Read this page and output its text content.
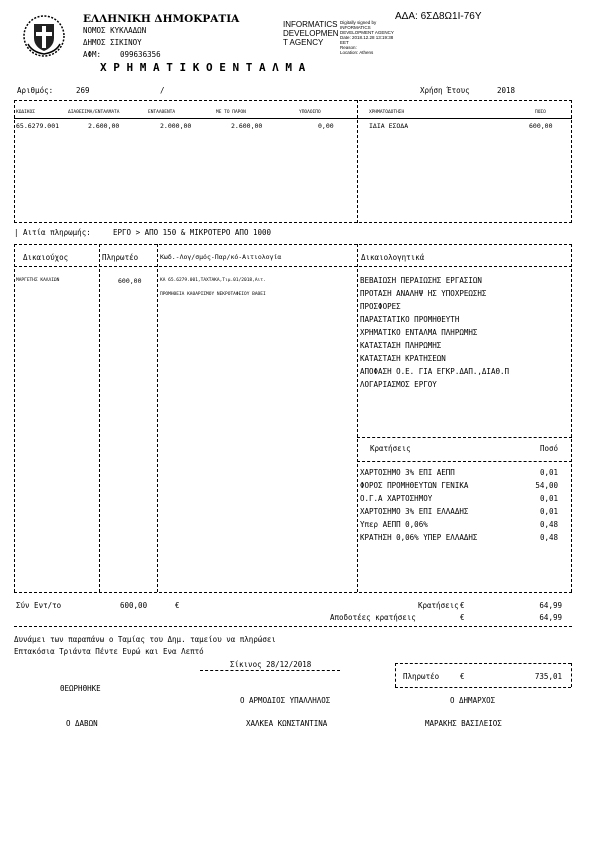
ΕΛΛΗΝΙΚΗ ΔΗΜΟΚΡΑΤΙΑ
ΝΟΜΟΣ ΚΥΚΛΑΔΩΝ
ΔΗΜΟΣ ΣΙΚΙΝΟΥ
ΑΦΜ:	099636356
Χ Ρ Η Μ Α Τ Ι Κ Ο Ε Ν Τ Α Λ Μ Α
INFORMATICS
DEVELOPMEN
T AGENCY
Digitally signed by
INFORMATICS
DEVELOPMENT AGENCY
Date: 2018.12.28 13:19:38
EET
Reason:
Location: Athens
ΑΔΑ: 6ΣΔ8Ω1Ι-76Υ
Αριθμός:	269	/	Χρήση Έτους	2018
ΚΩΔΙΚΟΣ	ΔΙΑΘΕΣΙΜΑ/ΕΝΤΑΛΜΑΤΑ	ΕΝΤΑΛΘΕΝΤΑ	ΜΕ ΤΟ ΠΑΡΟΝ	ΥΠΟΛΟΙΠΟ	ΧΡΗΜΑΤΟΔΟΤΗΣΗ	ΠΟΣΟ
65.6279.001	2.600,00	2.000,00	2.600,00	0,00	ΙΔΙΑ ΕΣΟΔΑ	600,00
| Αιτία πληρωμής:	ΕΡΓΟ > ΑΠΟ 150 & ΜΙΚΡΟΤΕΡΟ ΑΠΟ 1000
Δικαιούχος	Πληρωτέο	Κωδ.-Λογ/σμός-Παρ/κό-Αιτιολογία	Δικαιολογητικά
ΜΑΡΓΕΤΗΣ ΚΑΛΛΙΩΝ	600,00	ΚΑ 65.6279.001,ΤΑΧΤΑΚΑ,Τιμ.01/2018,Αιτ.
ΠΡΟΜΗΘΕΙΑ ΚΑΘΑΡΙΣΜΟΥ ΝΕΚΡΟΤΑΦΕΙΟΥ ΒΑΘΕΙ
ΒΕΒΑΙΩΣΗ ΠΕΡΑΙΩΣΗΣ ΕΡΓΑΣΙΩΝ
ΠΡΟΤΑΣΗ ΑΝΑΛΗΨ ΗΣ ΥΠΟΧΡΕΩΣΗΣ
ΠΡΟΣΦΟΡΕΣ
ΠΑΡΑΣΤΑΤΙΚΟ ΠΡΟΜΗΘΕΥΤΗ
ΧΡΗΜΑΤΙΚΟ ΕΝΤΑΛΜΑ ΠΛΗΡΩΜΗΣ
ΚΑΤΑΣΤΑΣΗ ΠΛΗΡΩΜΗΣ
ΚΑΤΑΣΤΑΣΗ ΚΡΑΤΗΣΕΩΝ
ΑΠΟΦΑΣΗ Ο.Ε. ΓΙΑ ΕΓΚΡ.ΔΑΠ.,ΔΙΑΘ.Π
ΛΟΓΑΡΙΑΣΜΟΣ ΕΡΓΟΥ
Κρατήσεις	Ποσό
ΧΑΡΤΟΣΗΜΟ 3% ΕΠΙ ΑΕΠΠ	0,01
ΦΟΡΟΣ ΠΡΟΜΗΘΕΥΤΩΝ ΓΕΝΙΚΑ	54,00
Ο.Γ.Α ΧΑΡΤΟΣΗΜΟΥ	0,01
ΧΑΡΤΟΣΗΜΟ 3% ΕΠΙ ΕΛΛΑΔΗΣ	0,01
Υπερ ΑΕΠΠ 0,06%	0,48
ΚΡΑΤΗΣΗ 0,06% ΥΠΕΡ ΕΛΛΑΔΗΣ	0,48
Σύν Εντ/το	600,00	€	Κρατήσεις €	64,99
Αποδοτέες κρατήσεις	€	64,99
Δυνάμει των παραπάνω ο Ταμίας του Δημ. ταμείου να πληρώσει
Επτακόσια Τριάντα Πέντε Ευρώ και Ενα Λεπτό
Σίκινος 28/12/2018
Πληρωτέο	€	735,01
ΘΕΩΡΗΘΗΚΕ
Ο ΑΡΜΟΔΙΟΣ ΥΠΑΛΛΗΛΟΣ	Ο ΔΗΜΑΡΧΟΣ
Ο ΔΑΒΩΝ	ΧΑΛΚΕΑ ΚΩΝΣΤΑΝΤΙΝΑ	ΜΑΡΑΚΗΣ ΒΑΣΙΛΕΙΟΣ
